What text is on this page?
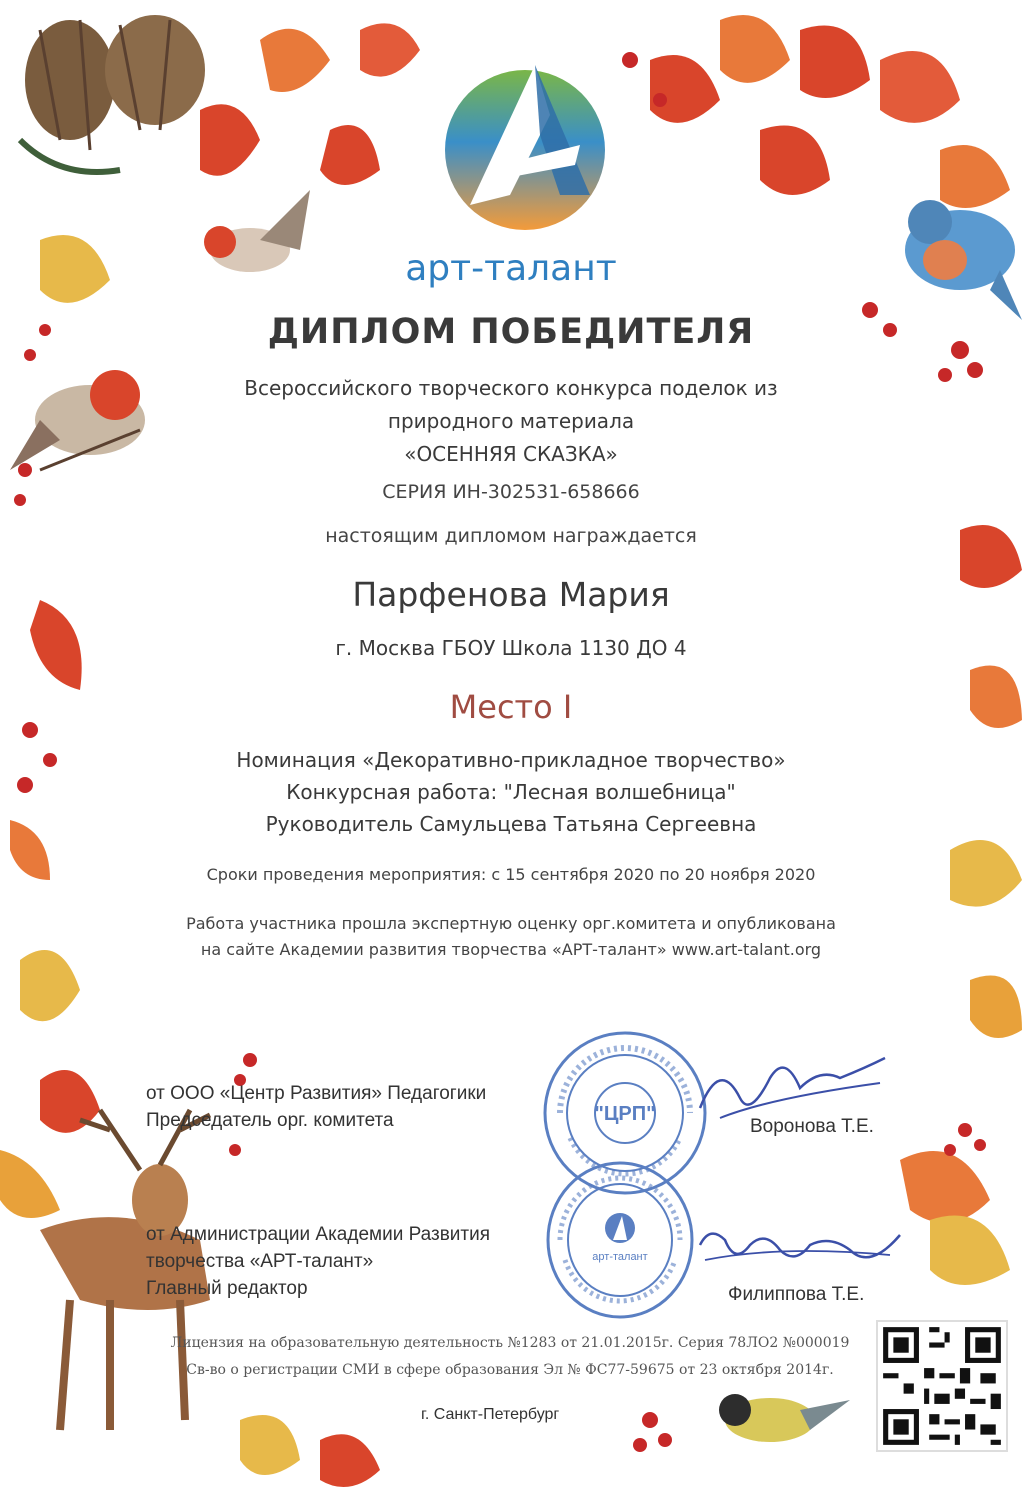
арт-талант
ДИПЛОМ ПОБЕДИТЕЛЯ
Всероссийского творческого конкурса поделок из
природного материала
«ОСЕННЯЯ СКАЗКА»
СЕРИЯ ИН-302531-658666
настоящим дипломом награждается
Парфенова Мария
г. Москва ГБОУ Школа 1130 ДО 4
Место I
Номинация «Декоративно-прикладное творчество»
Конкурсная работа: "Лесная волшебница"
Руководитель Самульцева Татьяна Сергеевна
Сроки проведения мероприятия: с 15 сентября 2020 по 20 ноября 2020
Работа участника прошла экспертную оценку орг.комитета и опубликована
на сайте Академии развития творчества «АРТ-талант» www.art-talant.org
"ЦРП"
арт-талант
от ООО «Центр Развития» Педагогики
Председатель орг. комитета	Воронова Т.Е.
от Администрации Академии Развития
творчества «АРТ-талант»
Главный редактор	Филиппова Т.Е.
Лицензия на образовательную деятельность №1283 от 21.01.2015г. Серия 78ЛО2 №000019
Св-во о регистрации СМИ в сфере образования Эл № ФС77-59675 от 23 октября 2014г.
г. Санкт-Петербург
